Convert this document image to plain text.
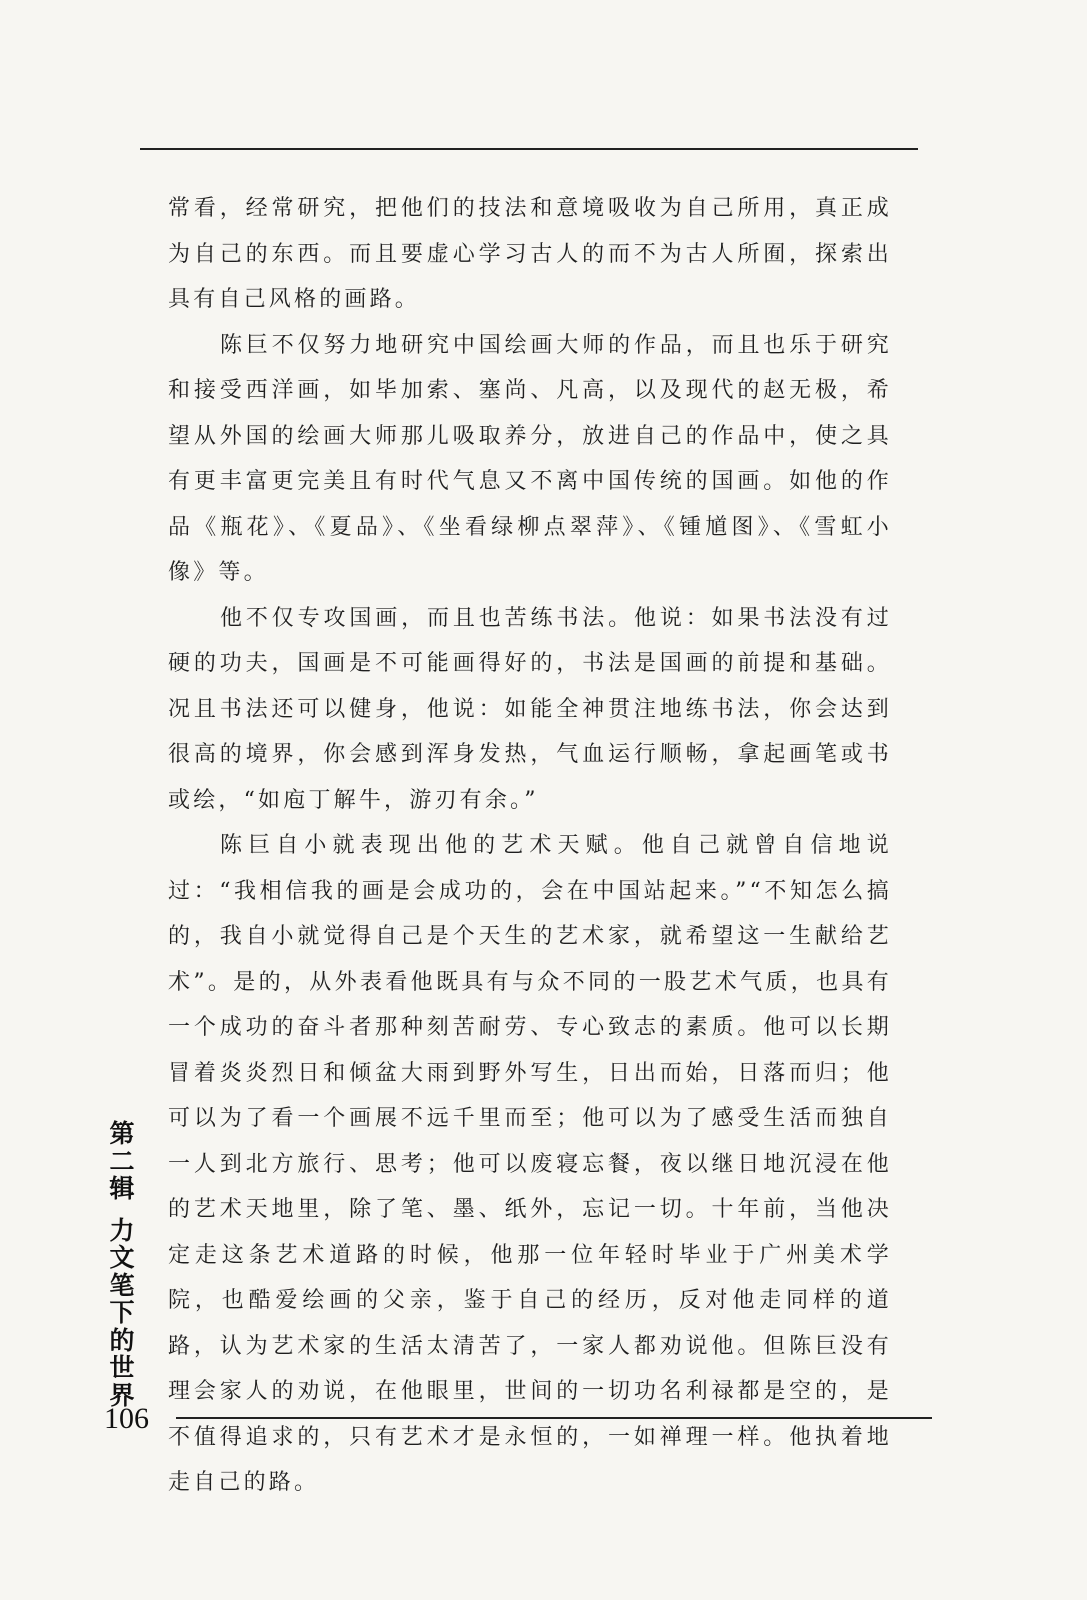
常看，经常研究，把他们的技法和意境吸收为自己所用，真正成为自己的东西。而且要虚心学习古人的而不为古人所囿，探索出具有自己风格的画路。

陈巨不仅努力地研究中国绘画大师的作品，而且也乐于研究和接受西洋画，如毕加索、塞尚、凡高，以及现代的赵无极，希望从外国的绘画大师那儿吸取养分，放进自己的作品中，使之具有更丰富更完美且有时代气息又不离中国传统的国画。如他的作品《瓶花》、《夏品》、《坐看绿柳点翠萍》、《锺馗图》、《雪虹小像》等。

他不仅专攻国画，而且也苦练书法。他说：如果书法没有过硬的功夫，国画是不可能画得好的，书法是国画的前提和基础。况且书法还可以健身，他说：如能全神贯注地练书法，你会达到很高的境界，你会感到浑身发热，气血运行顺畅，拿起画笔或书或绘，“如庖丁解牛，游刃有余。”

陈巨自小就表现出他的艺术天赋。他自己就曾自信地说过：“我相信我的画是会成功的，会在中国站起来。”“不知怎么搞的，我自小就觉得自己是个天生的艺术家，就希望这一生献给艺术”。是的，从外表看他既具有与众不同的一股艺术气质，也具有一个成功的奋斗者那种刻苦耐劳、专心致志的素质。他可以长期冒着炎炎烈日和倾盆大雨到野外写生，日出而始，日落而归；他可以为了看一个画展不远千里而至；他可以为了感受生活而独自一人到北方旅行、思考；他可以废寝忘餐，夜以继日地沉浸在他的艺术天地里，除了笔、墨、纸外，忘记一切。十年前，当他决定走这条艺术道路的时候，他那一位年轻时毕业于广州美术学院，也酷爱绘画的父亲，鉴于自己的经历，反对他走同样的道路，认为艺术家的生活太清苦了，一家人都劝说他。但陈巨没有理会家人的劝说，在他眼里，世间的一切功名利禄都是空的，是不值得追求的，只有艺术才是永恒的，一如禅理一样。他执着地走自己的路。

第
二
辑
力
文
笔
下
的
世
界
106
